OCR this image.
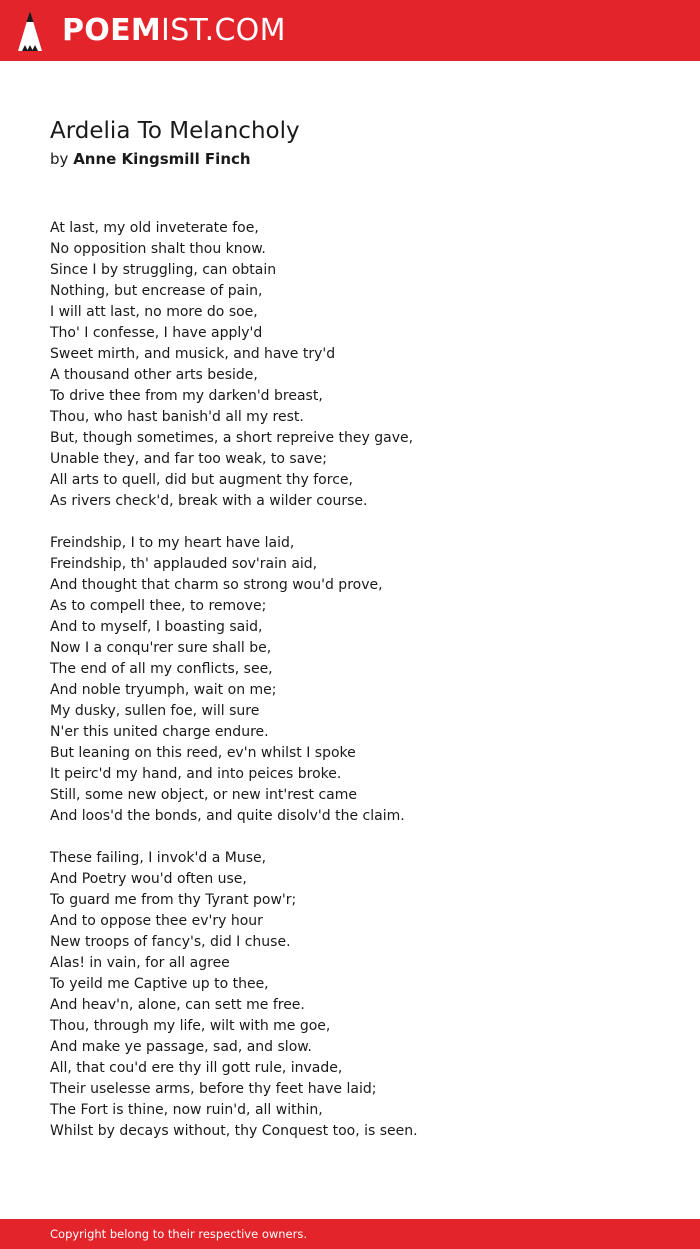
POEMIST.COM
Ardelia To Melancholy
by Anne Kingsmill Finch
At last, my old inveterate foe,
No opposition shalt thou know.
Since I by struggling, can obtain
Nothing, but encrease of pain,
I will att last, no more do soe,
Tho' I confesse, I have apply'd
Sweet mirth, and musick, and have try'd
A thousand other arts beside,
To drive thee from my darken'd breast,
Thou, who hast banish'd all my rest.
But, though sometimes, a short repreive they gave,
Unable they, and far too weak, to save;
All arts to quell, did but augment thy force,
As rivers check'd, break with a wilder course.
Freindship, I to my heart have laid,
Freindship, th' applauded sov'rain aid,
And thought that charm so strong wou'd prove,
As to compell thee, to remove;
And to myself, I boasting said,
Now I a conqu'rer sure shall be,
The end of all my conflicts, see,
And noble tryumph, wait on me;
My dusky, sullen foe, will sure
N'er this united charge endure.
But leaning on this reed, ev'n whilst I spoke
It peirc'd my hand, and into peices broke.
Still, some new object, or new int'rest came
And loos'd the bonds, and quite disolv'd the claim.
These failing, I invok'd a Muse,
And Poetry wou'd often use,
To guard me from thy Tyrant pow'r;
And to oppose thee ev'ry hour
New troops of fancy's, did I chuse.
Alas! in vain, for all agree
To yeild me Captive up to thee,
And heav'n, alone, can sett me free.
Thou, through my life, wilt with me goe,
And make ye passage, sad, and slow.
All, that cou'd ere thy ill gott rule, invade,
Their uselesse arms, before thy feet have laid;
The Fort is thine, now ruin'd, all within,
Whilst by decays without, thy Conquest too, is seen.
Copyright belong to their respective owners.
